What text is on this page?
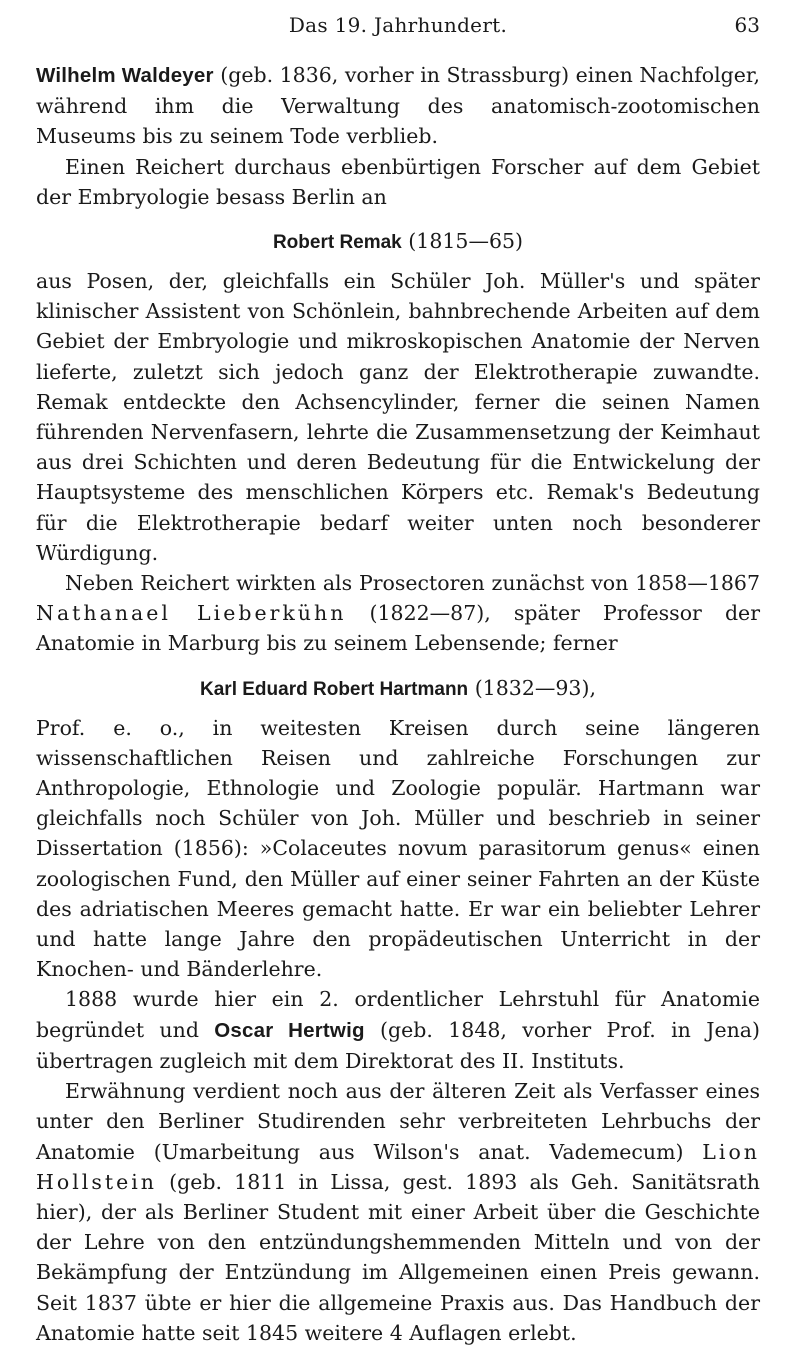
Das 19. Jahrhundert.	63

Wilhelm Waldeyer (geb. 1836, vorher in Strassburg) einen Nachfolger, während ihm die Verwaltung des anatomisch-zootomischen Museums bis zu seinem Tode verblieb.

Einen Reichert durchaus ebenbürtigen Forscher auf dem Gebiet der Embryologie besass Berlin an

Robert Remak (1815—65)

aus Posen, der, gleichfalls ein Schüler Joh. Müller's und später klinischer Assistent von Schönlein, bahnbrechende Arbeiten auf dem Gebiet der Embryologie und mikroskopischen Anatomie der Nerven lieferte, zuletzt sich jedoch ganz der Elektrotherapie zuwandte. Remak entdeckte den Achsencylinder, ferner die seinen Namen führenden Nervenfasern, lehrte die Zusammensetzung der Keimhaut aus drei Schichten und deren Bedeutung für die Entwickelung der Hauptsysteme des menschlichen Körpers etc. Remak's Bedeutung für die Elektrotherapie bedarf weiter unten noch besonderer Würdigung.

Neben Reichert wirkten als Prosectoren zunächst von 1858—1867 Nathanael Lieberkühn (1822—87), später Professor der Anatomie in Marburg bis zu seinem Lebensende; ferner

Karl Eduard Robert Hartmann (1832—93),

Prof. e. o., in weitesten Kreisen durch seine längeren wissenschaftlichen Reisen und zahlreiche Forschungen zur Anthropologie, Ethnologie und Zoologie populär. Hartmann war gleichfalls noch Schüler von Joh. Müller und beschrieb in seiner Dissertation (1856): »Colaceutes novum parasitorum genus« einen zoologischen Fund, den Müller auf einer seiner Fahrten an der Küste des adriatischen Meeres gemacht hatte. Er war ein beliebter Lehrer und hatte lange Jahre den propädeutischen Unterricht in der Knochen- und Bänderlehre.

1888 wurde hier ein 2. ordentlicher Lehrstuhl für Anatomie begründet und Oscar Hertwig (geb. 1848, vorher Prof. in Jena) übertragen zugleich mit dem Direktorat des II. Instituts.

Erwähnung verdient noch aus der älteren Zeit als Verfasser eines unter den Berliner Studirenden sehr verbreiteten Lehrbuchs der Anatomie (Umarbeitung aus Wilson's anat. Vademecum) Lion Hollstein (geb. 1811 in Lissa, gest. 1893 als Geh. Sanitätsrath hier), der als Berliner Student mit einer Arbeit über die Geschichte der Lehre von den entzündungshemmenden Mitteln und von der Bekämpfung der Entzündung im Allgemeinen einen Preis gewann. Seit 1837 übte er hier die allgemeine Praxis aus. Das Handbuch der Anatomie hatte seit 1845 weitere 4 Auflagen erlebt.
